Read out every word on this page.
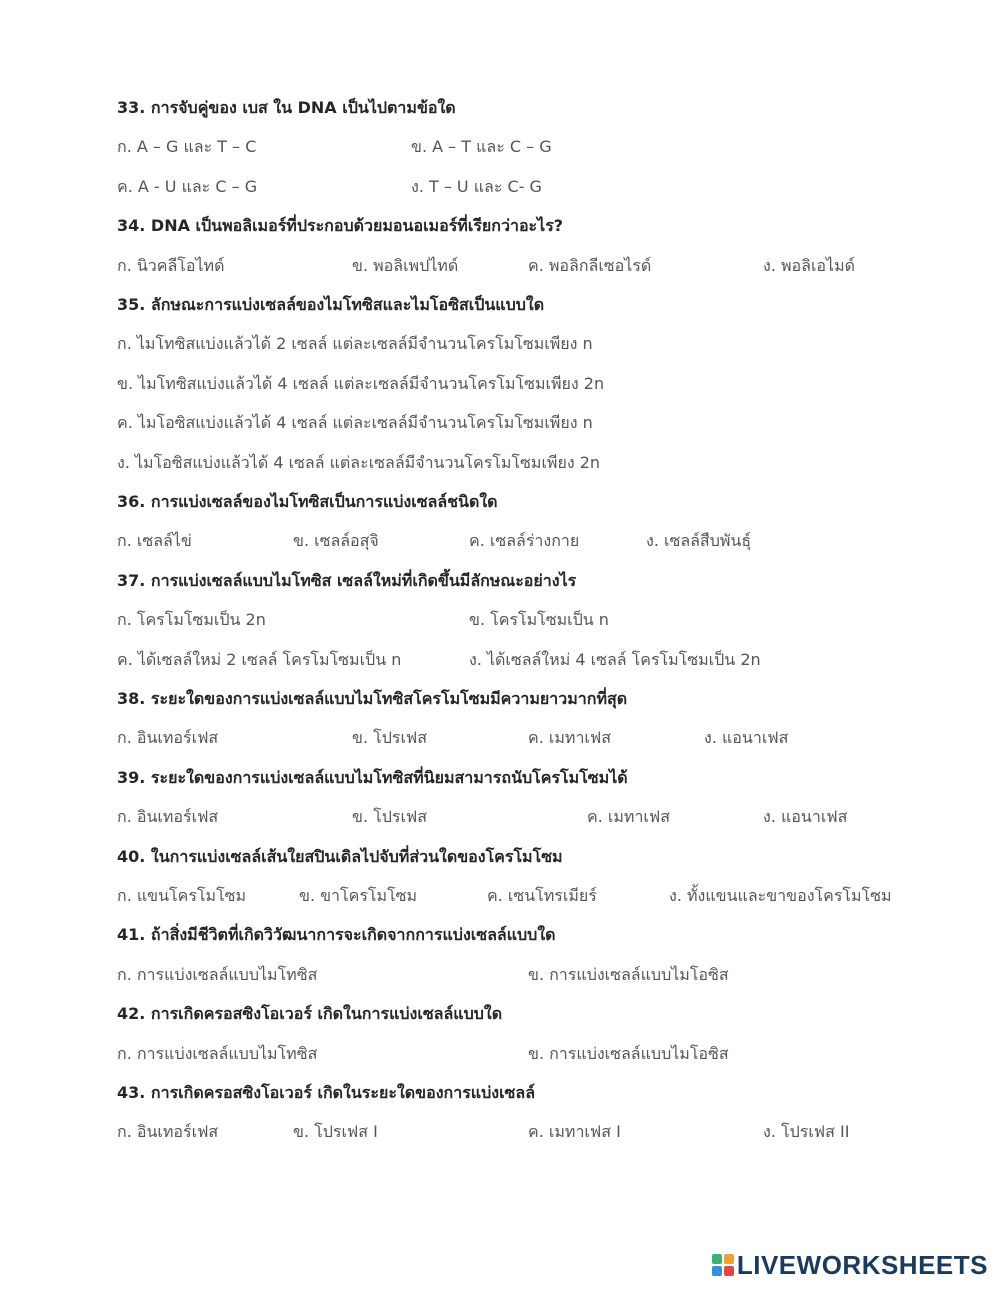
33. การจับคู่ของ เบส ใน DNA เป็นไปตามข้อใด
ก. A – G และ T – C	ข. A – T และ C – G
ค. A - U และ C – G	ง. T – U และ C- G
34. DNA เป็นพอลิเมอร์ที่ประกอบด้วยมอนอเมอร์ที่เรียกว่าอะไร?
ก. นิวคลีโอไทด์	ข. พอลิเพปไทด์	ค. พอลิกลีเซอไรด์	ง. พอลิเอไมด์
35. ลักษณะการแบ่งเซลล์ของไมโทซิสและไมโอซิสเป็นแบบใด
ก. ไมโทซิสแบ่งแล้วได้ 2 เซลล์ แต่ละเซลล์มีจำนวนโครโมโซมเพียง n
ข. ไมโทซิสแบ่งแล้วได้ 4 เซลล์ แต่ละเซลล์มีจำนวนโครโมโซมเพียง 2n
ค. ไมโอซิสแบ่งแล้วได้ 4 เซลล์ แต่ละเซลล์มีจำนวนโครโมโซมเพียง n
ง. ไมโอซิสแบ่งแล้วได้ 4 เซลล์ แต่ละเซลล์มีจำนวนโครโมโซมเพียง 2n
36. การแบ่งเซลล์ของไมโทซิสเป็นการแบ่งเซลล์ชนิดใด
ก. เซลล์ไข่	ข. เซลล์อสุจิ	ค. เซลล์ร่างกาย	ง. เซลล์สืบพันธุ์
37. การแบ่งเซลล์แบบไมโทซิส เซลล์ใหม่ที่เกิดขึ้นมีลักษณะอย่างไร
ก. โครโมโซมเป็น 2n	ข. โครโมโซมเป็น n
ค. ได้เซลล์ใหม่ 2 เซลล์ โครโมโซมเป็น n	ง. ได้เซลล์ใหม่ 4 เซลล์ โครโมโซมเป็น 2n
38. ระยะใดของการแบ่งเซลล์แบบไมโทซิสโครโมโซมมีความยาวมากที่สุด
ก. อินเทอร์เฟส	ข. โปรเฟส	ค. เมทาเฟส	ง. แอนาเฟส
39. ระยะใดของการแบ่งเซลล์แบบไมโทซิสที่นิยมสามารถนับโครโมโซมได้
ก. อินเทอร์เฟส	ข. โปรเฟส	ค. เมทาเฟส	ง. แอนาเฟส
40. ในการแบ่งเซลล์เส้นใยสปินเดิลไปจับที่ส่วนใดของโครโมโซม
ก. แขนโครโมโซม	ข. ขาโครโมโซม	ค. เซนโทรเมียร์	ง. ทั้งแขนและขาของโครโมโซม
41. ถ้าสิ่งมีชีวิตที่เกิดวิวัฒนาการจะเกิดจากการแบ่งเซลล์แบบใด
ก. การแบ่งเซลล์แบบไมโทซิส	ข. การแบ่งเซลล์แบบไมโอซิส
42. การเกิดครอสซิงโอเวอร์ เกิดในการแบ่งเซลล์แบบใด
ก. การแบ่งเซลล์แบบไมโทซิส	ข. การแบ่งเซลล์แบบไมโอซิส
43. การเกิดครอสซิงโอเวอร์ เกิดในระยะใดของการแบ่งเซลล์
ก. อินเทอร์เฟส	ข. โปรเฟส I	ค. เมทาเฟส I	ง. โปรเฟส II
LIVEWORKSHEETS
